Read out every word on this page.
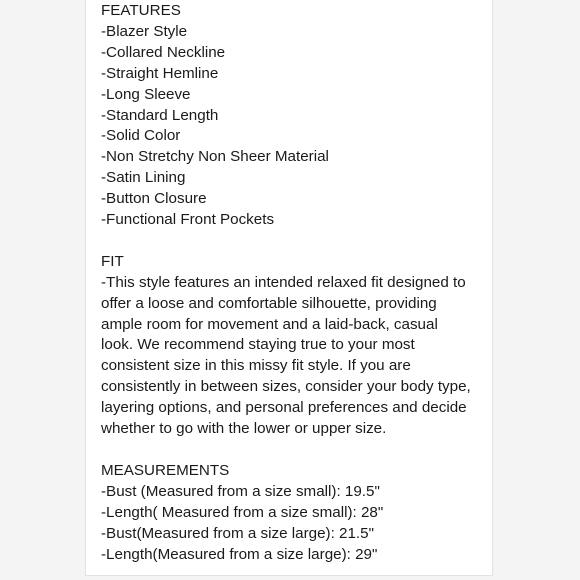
FEATURES
-Blazer Style
-Collared Neckline
-Straight Hemline
-Long Sleeve
-Standard Length
-Solid Color
-Non Stretchy Non Sheer Material
-Satin Lining
-Button Closure
-Functional Front Pockets
FIT
-This style features an intended relaxed fit designed to
offer a loose and comfortable silhouette, providing
ample room for movement and a laid-back, casual
look. We recommend staying true to your most
consistent size in this missy fit style. If you are
consistently in between sizes, consider your body type,
layering options, and personal preferences and decide
whether to go with the lower or upper size.
MEASUREMENTS
-Bust (Measured from a size small): 19.5"
-Length( Measured from a size small): 28"
-Bust(Measured from a size large): 21.5"
-Length(Measured from a size large): 29"
